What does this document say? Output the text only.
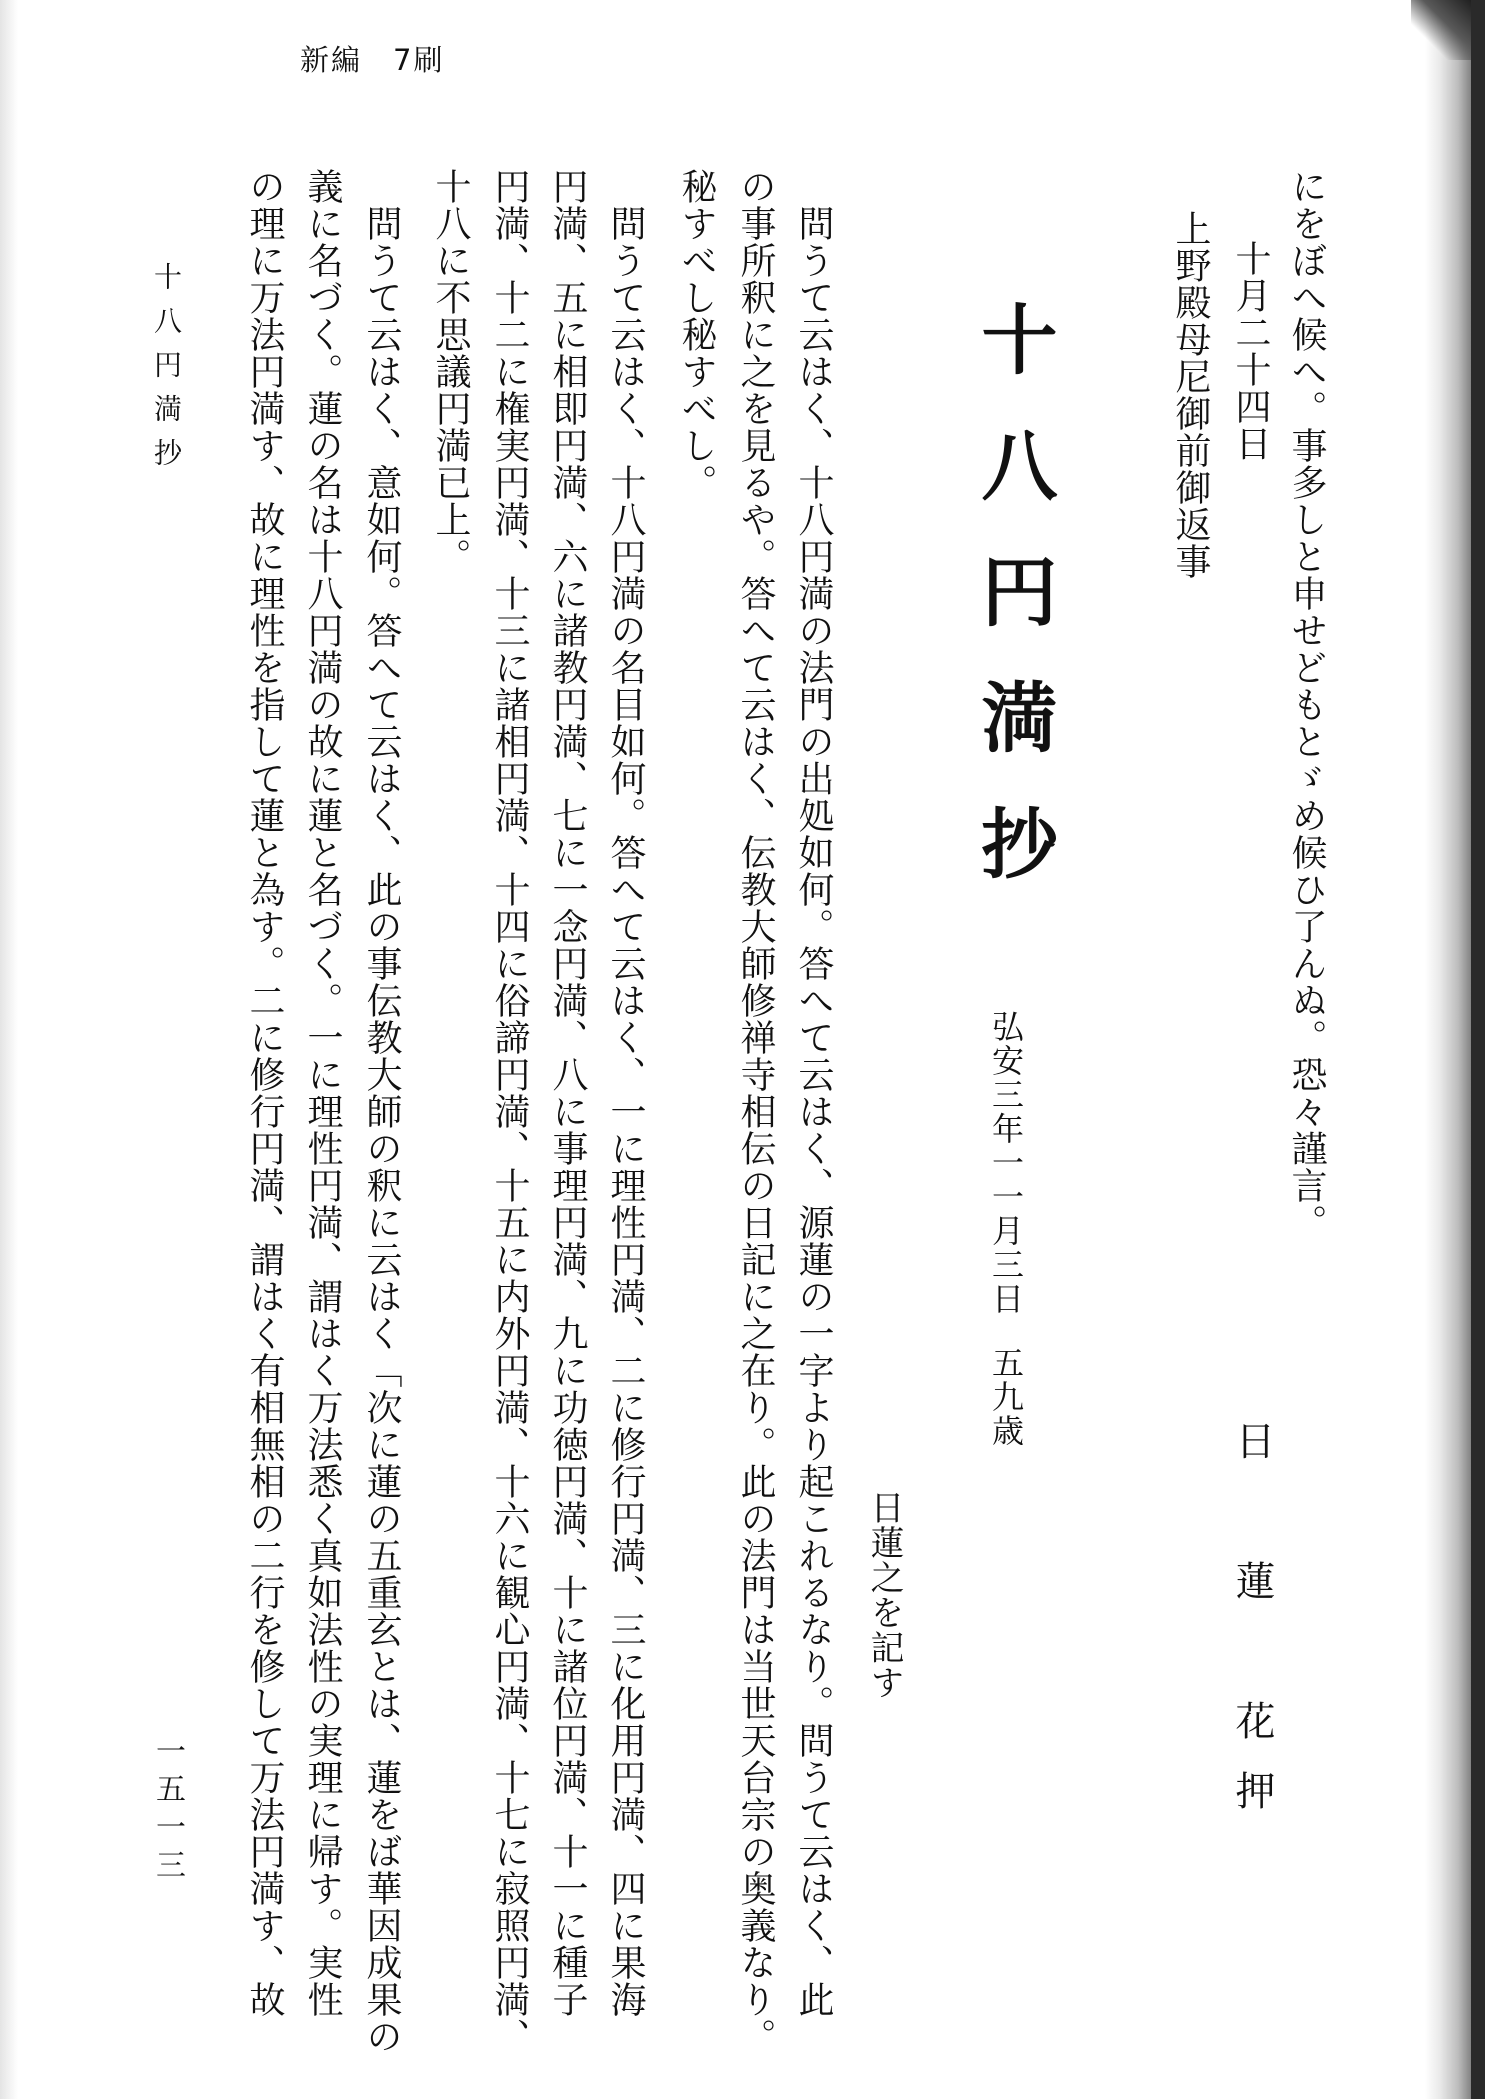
新編　7刷
にをぼへ候へ。事多しと申せどもとゞめ候ひ了んぬ。恐々謹言。
十月二十四日
日　蓮　花押
上野殿母尼御前御返事
十八円満抄
弘安三年一一月三日
五九歳
日蓮之を記す
問うて云はく、十八円満の法門の出処如何。答へて云はく、源蓮の一字より起これるなり。問うて云はく、此
の事所釈に之を見るや。答へて云はく、伝教大師修禅寺相伝の日記に之在り。此の法門は当世天台宗の奥義なり。
秘すべし秘すべし。
問うて云はく、十八円満の名目如何。答へて云はく、一に理性円満、二に修行円満、三に化用円満、四に果海
円満、五に相即円満、六に諸教円満、七に一念円満、八に事理円満、九に功徳円満、十に諸位円満、十一に種子
円満、十二に権実円満、十三に諸相円満、十四に俗諦円満、十五に内外円満、十六に観心円満、十七に寂照円満、
十八に不思議円満已上。
問うて云はく、意如何。答へて云はく、此の事伝教大師の釈に云はく「次に蓮の五重玄とは、蓮をば華因成果の
義に名づく。蓮の名は十八円満の故に蓮と名づく。一に理性円満、謂はく万法悉く真如法性の実理に帰す。実性
の理に万法円満す、故に理性を指して蓮と為す。二に修行円満、謂はく有相無相の二行を修して万法円満す、故
十八円満抄
一五一三
